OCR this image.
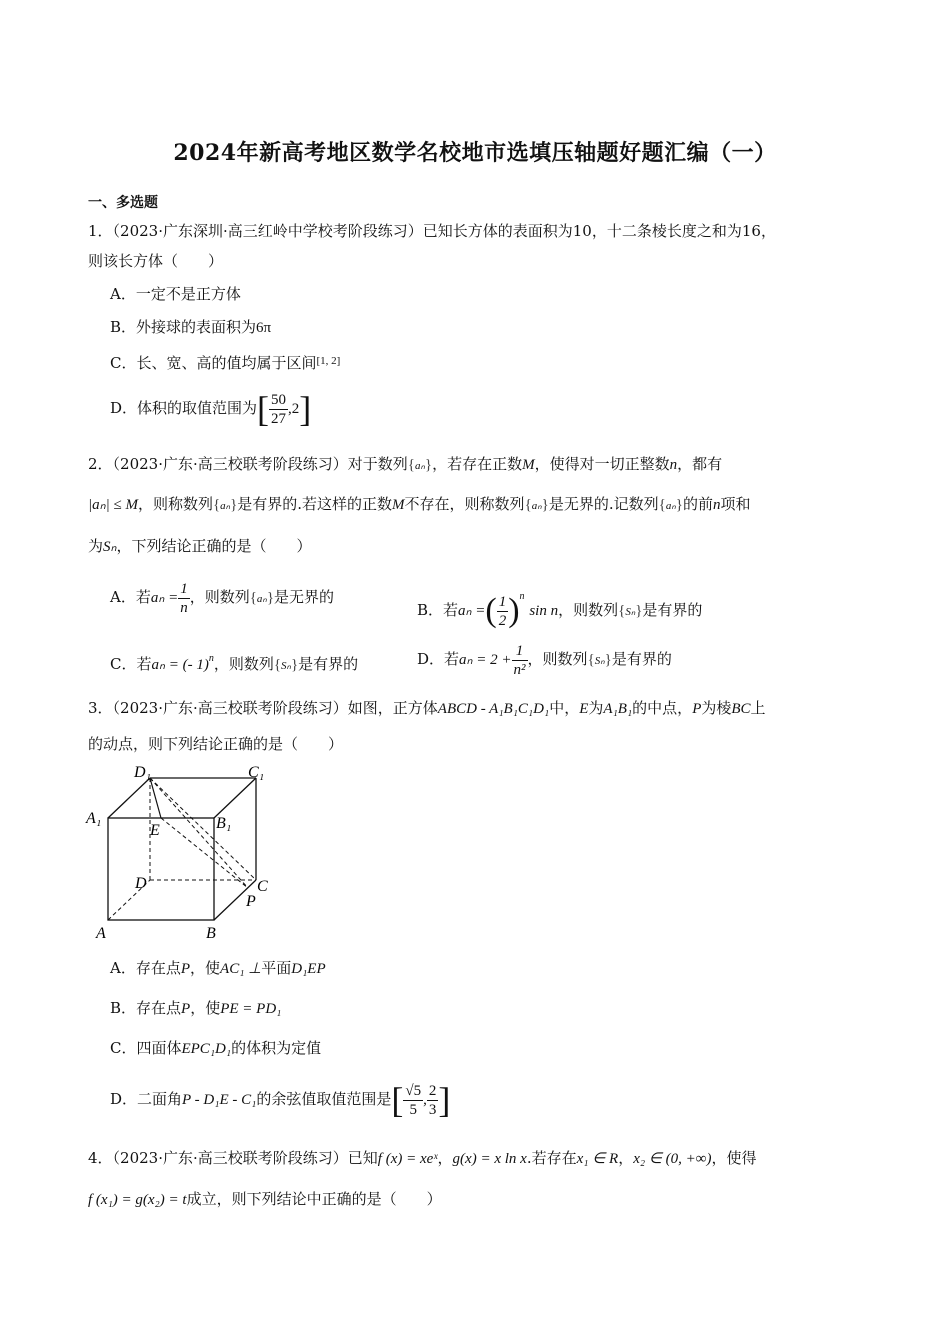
2024年新高考地区数学名校地市选填压轴题好题汇编（一）
一、多选题
1．（2023·广东深圳·高三红岭中学校考阶段练习）已知长方体的表面积为10，十二条棱长度之和为16，
则该长方体（　　）
A．一定不是正方体
B．外接球的表面积为6π
C．长、宽、高的值均属于区间[1, 2]
D．体积的取值范围为[ $\frac{50}{27} ,2$]
2．（2023·广东·高三校联考阶段练习）对于数列{aₙ}，若存在正数M，使得对一切正整数n，都有
|aₙ| ≤ M，则称数列{aₙ}是有界的.若这样的正数M不存在，则称数列{aₙ}是无界的.记数列{aₙ}的前n项和
为Sₙ，下列结论正确的是（　　）
A．若$a_n = \frac{1}{n}$ ，则数列{aₙ}是无界的
B．若aₙ =( $\frac{1}{2} )^n$ sin n，则数列{Sₙ}是有界的
C．若aₙ = (- 1)$^n$，则数列{Sₙ}是有界的	D．若$a_n = 2 + \frac{1}{\text{n²}}$ ，则数列{Sₙ}是有界的
3．（2023·广东·高三校联考阶段练习）如图，正方体ABCD - A₁B₁C₁D₁中，E为A₁B₁的中点，P为棱BC上
的动点，则下列结论正确的是（　　）
D₁	C₁
A₁	B₁
E
D	C
P
A	B
A．存在点P，使AC₁ ⊥平面D₁EP
B．存在点P，使PE = PD₁
C．四面体EPC₁D₁的体积为定值
D．二面角P - D₁E - C₁的余弦值取值范围是[ $\frac{√5}{5}$ , $\frac{2}{3}$ ]
4．（2023·广东·高三校联考阶段练习）已知f (x) = xeˣ，g(x) = x ln x.若存在x₁ ∈ R，x₂ ∈ (0, +∞)，使得
f (x₁) = g(x₂) = t成立，则下列结论中正确的是（　　）
